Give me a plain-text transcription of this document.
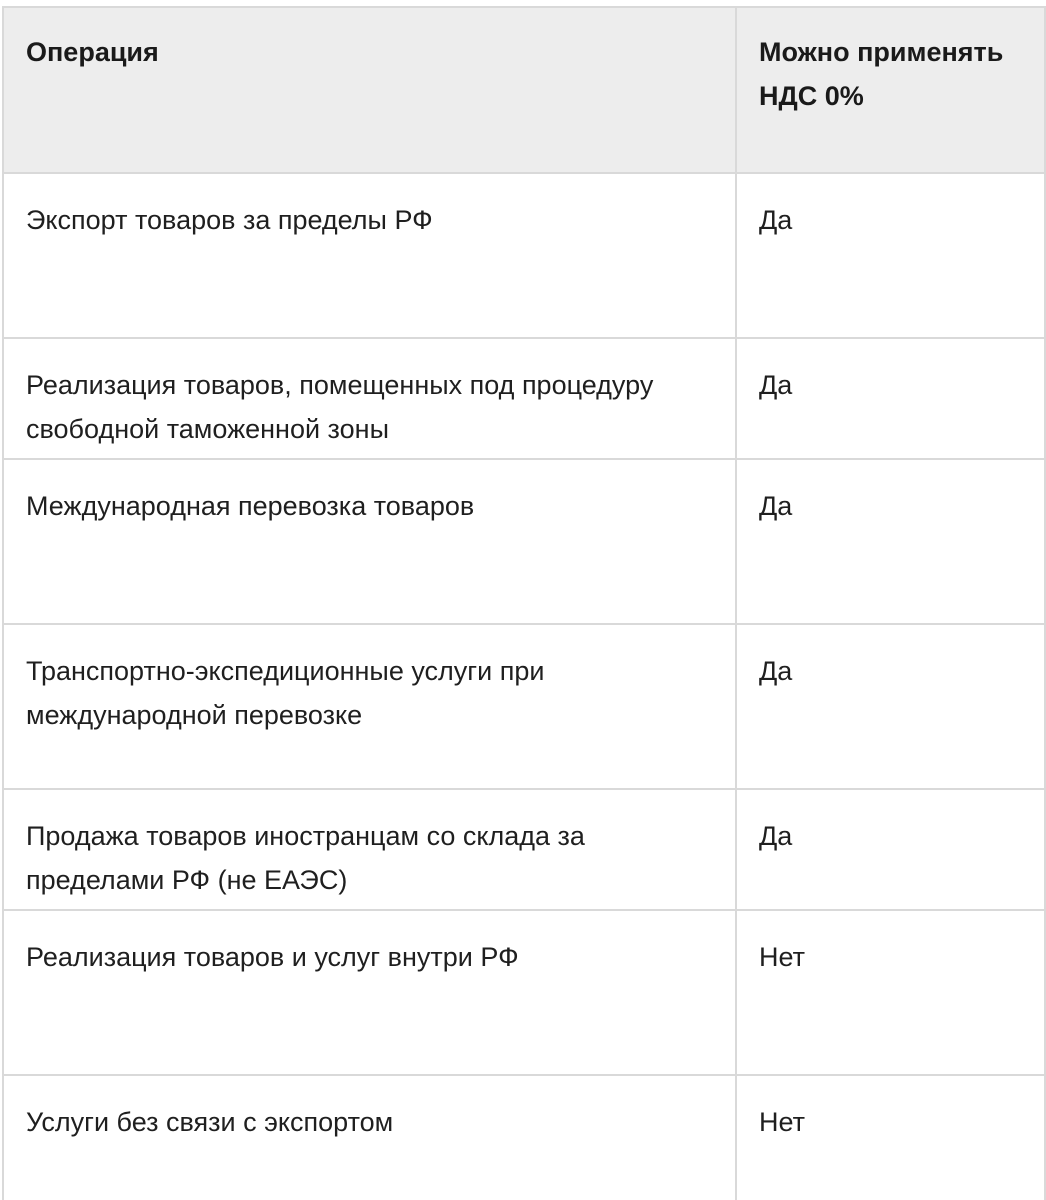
Операция	Можно применять НДС 0%	
Экспорт товаров за пределы РФ	Да	
Реализация товаров, помещенных под процедуру свободной таможенной зоны	Да	
Международная перевозка товаров	Да	
Транспортно-экспедиционные услуги при международной перевозке	Да	
Продажа товаров иностранцам со склада за пределами РФ (не ЕАЭС)	Да	
Реализация товаров и услуг внутри РФ	Нет	
Услуги без связи с экспортом	Нет	
